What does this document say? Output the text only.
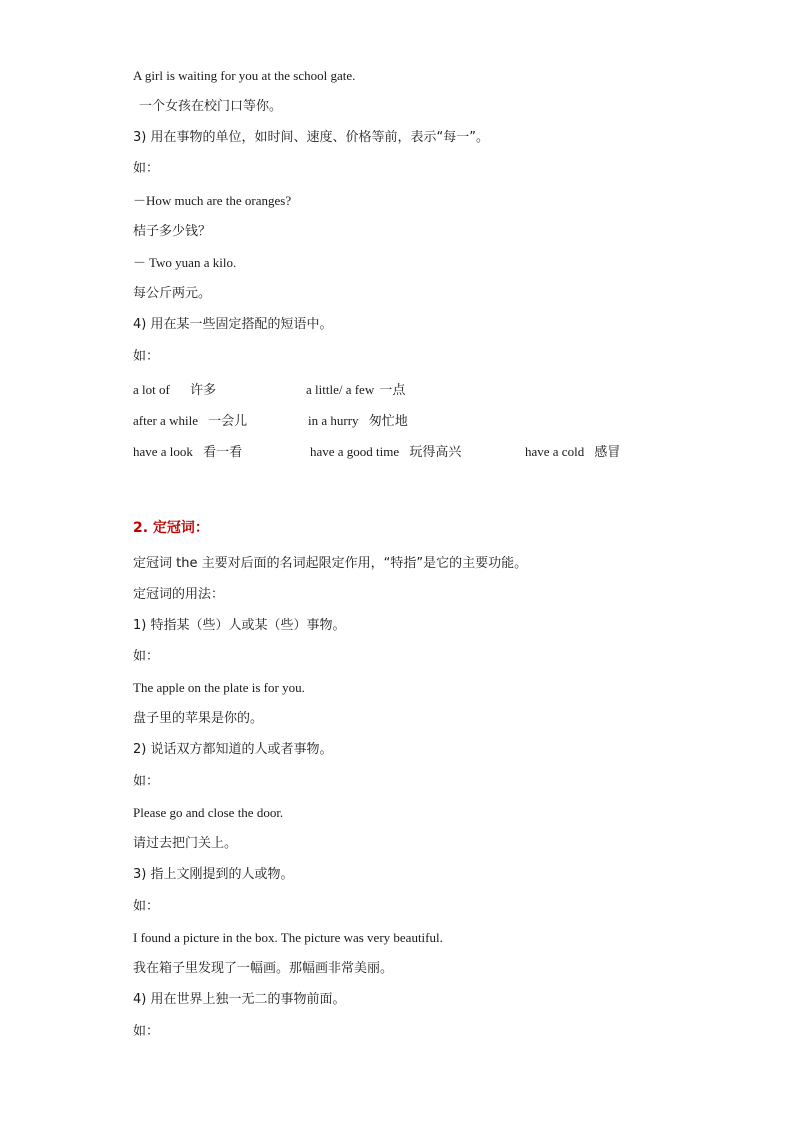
A girl is waiting for you at the school gate.
一个女孩在校门口等你。
3) 用在事物的单位，如时间、速度、价格等前，表示“每一”。
如：
－How much are the oranges?
桔子多少钱？
－ Two yuan a kilo.
每公斤两元。
4) 用在某一些固定搭配的短语中。
如：
a lot of 许多	a little/ a few 一点
after a while 一会儿	in a hurry 匆忙地
have a look 看一看	have a good time 玩得高兴	have a cold 感冒
2. 定冠词：
定冠词 the 主要对后面的名词起限定作用，“特指”是它的主要功能。
定冠词的用法：
1) 特指某（些）人或某（些）事物。
如：
The apple on the plate is for you.
盘子里的苹果是你的。
2) 说话双方都知道的人或者事物。
如：
Please go and close the door.
请过去把门关上。
3) 指上文刚提到的人或物。
如：
I found a picture in the box. The picture was very beautiful.
我在箱子里发现了一幅画。那幅画非常美丽。
4) 用在世界上独一无二的事物前面。
如：
